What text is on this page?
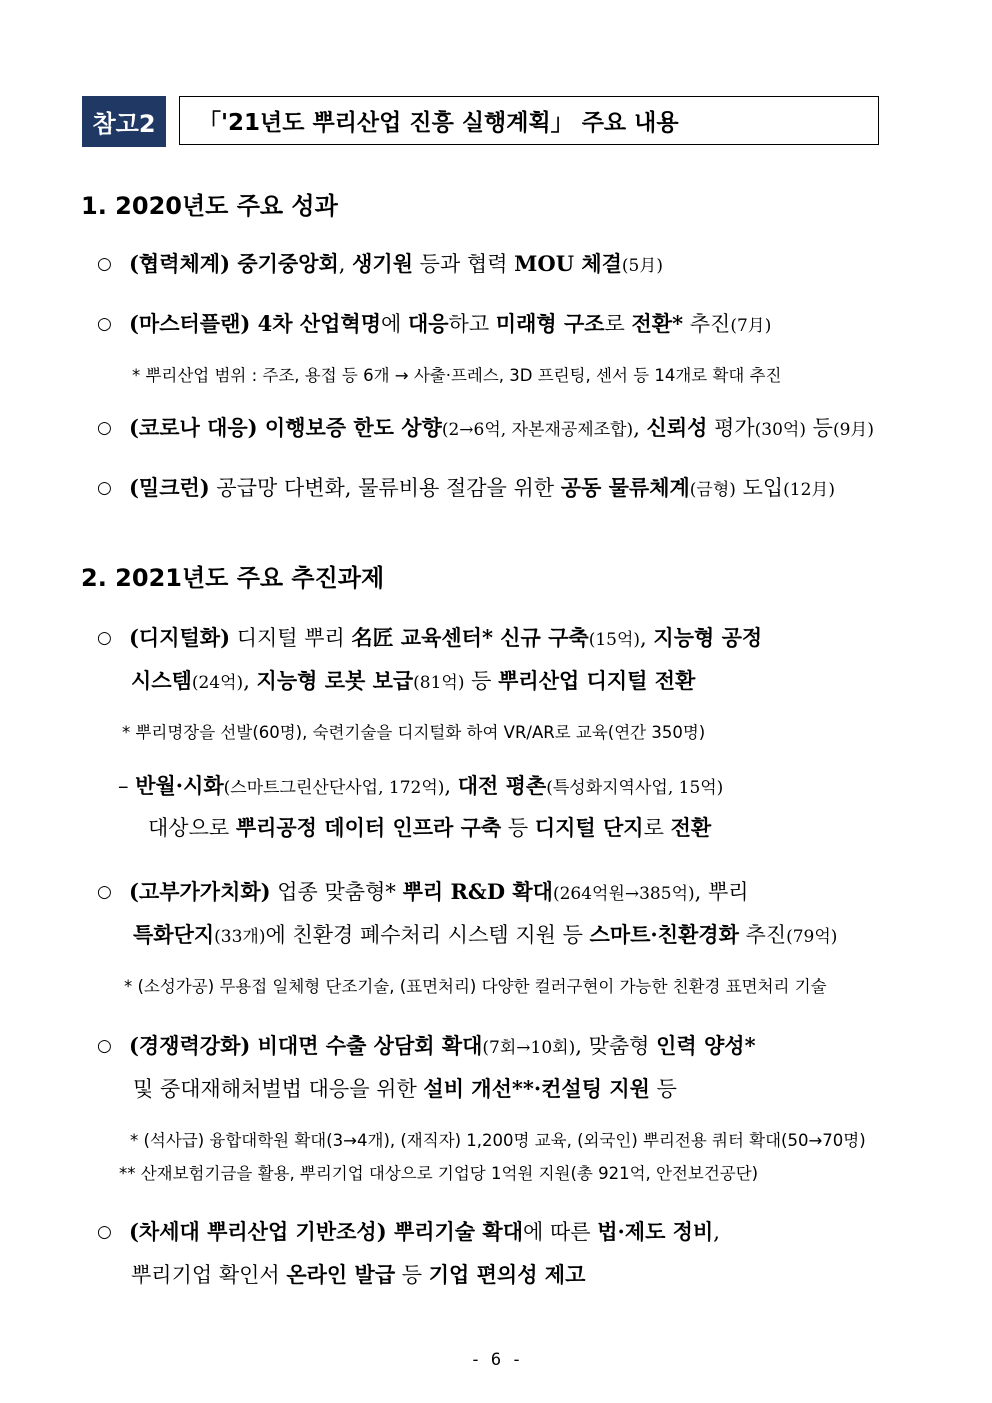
참고2	「'21년도 뿌리산업 진흥 실행계획」 주요 내용
1. 2020년도 주요 성과
○ (협력체계) 중기중앙회, 생기원 등과 협력 MOU 체결(5月)
○ (마스터플랜) 4차 산업혁명에 대응하고 미래형 구조로 전환* 추진(7月)
* 뿌리산업 범위 : 주조, 용접 등 6개 → 사출·프레스, 3D 프린팅, 센서 등 14개로 확대 추진
○ (코로나 대응) 이행보증 한도 상향(2→6억, 자본재공제조합), 신뢰성 평가(30억) 등(9月)
○ (밀크런) 공급망 다변화, 물류비용 절감을 위한 공동 물류체계(금형) 도입(12月)
2. 2021년도 주요 추진과제
○ (디지털화) 디지털 뿌리 名匠 교육센터* 신규 구축(15억), 지능형 공정
시스템(24억), 지능형 로봇 보급(81억) 등 뿌리산업 디지털 전환
* 뿌리명장을 선발(60명), 숙련기술을 디지털화 하여 VR/AR로 교육(연간 350명)
– 반월·시화(스마트그린산단사업, 172억), 대전 평촌(특성화지역사업, 15억)
대상으로 뿌리공정 데이터 인프라 구축 등 디지털 단지로 전환
○ (고부가가치화) 업종 맞춤형* 뿌리 R&D 확대(264억원→385억), 뿌리
특화단지(33개)에 친환경 폐수처리 시스템 지원 등 스마트·친환경화 추진(79억)
* (소성가공) 무용접 일체형 단조기술, (표면처리) 다양한 컬러구현이 가능한 친환경 표면처리 기술
○ (경쟁력강화) 비대면 수출 상담회 확대(7회→10회), 맞춤형 인력 양성*
및 중대재해처벌법 대응을 위한 설비 개선**·컨설팅 지원 등
* (석사급) 융합대학원 확대(3→4개), (재직자) 1,200명 교육, (외국인) 뿌리전용 쿼터 확대(50→70명)
** 산재보험기금을 활용, 뿌리기업 대상으로 기업당 1억원 지원(총 921억, 안전보건공단)
○ (차세대 뿌리산업 기반조성) 뿌리기술 확대에 따른 법·제도 정비,
뿌리기업 확인서 온라인 발급 등 기업 편의성 제고
- 6 -
